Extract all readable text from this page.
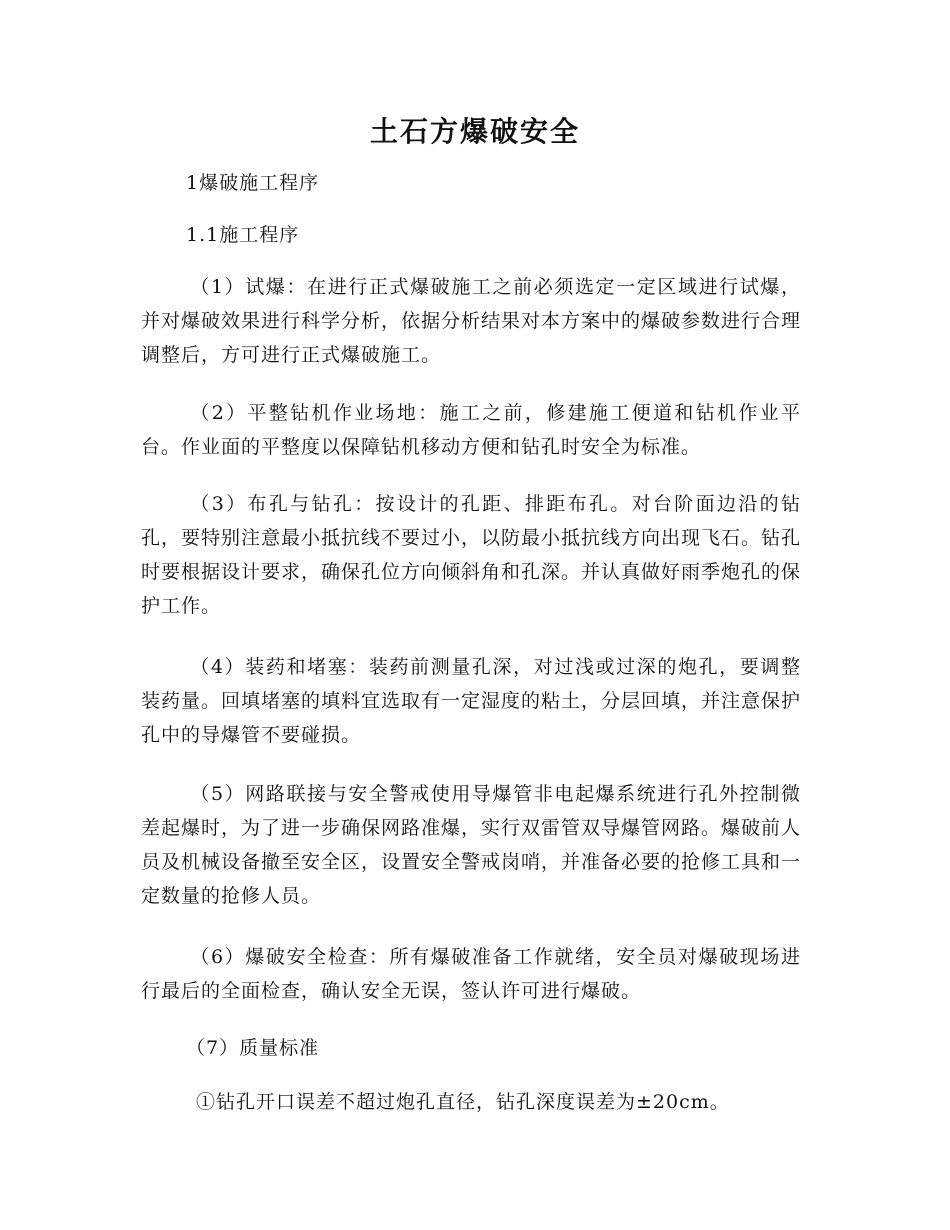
土石方爆破安全

1爆破施工程序

1.1施工程序

（1）试爆：在进行正式爆破施工之前必须选定一定区域进行试爆，并对爆破效果进行科学分析，依据分析结果对本方案中的爆破参数进行合理调整后，方可进行正式爆破施工。

（2）平整钻机作业场地：施工之前，修建施工便道和钻机作业平台。作业面的平整度以保障钻机移动方便和钻孔时安全为标准。

（3）布孔与钻孔：按设计的孔距、排距布孔。对台阶面边沿的钻孔，要特别注意最小抵抗线不要过小，以防最小抵抗线方向出现飞石。钻孔时要根据设计要求，确保孔位方向倾斜角和孔深。并认真做好雨季炮孔的保护工作。

（4）装药和堵塞：装药前测量孔深，对过浅或过深的炮孔，要调整装药量。回填堵塞的填料宜选取有一定湿度的粘土，分层回填，并注意保护孔中的导爆管不要碰损。

（5）网路联接与安全警戒使用导爆管非电起爆系统进行孔外控制微差起爆时，为了进一步确保网路准爆，实行双雷管双导爆管网路。爆破前人员及机械设备撤至安全区，设置安全警戒岗哨，并准备必要的抢修工具和一定数量的抢修人员。

（6）爆破安全检查：所有爆破准备工作就绪，安全员对爆破现场进行最后的全面检查，确认安全无误，签认许可进行爆破。

（7）质量标准

①钻孔开口误差不超过炮孔直径，钻孔深度误差为±20cm。
